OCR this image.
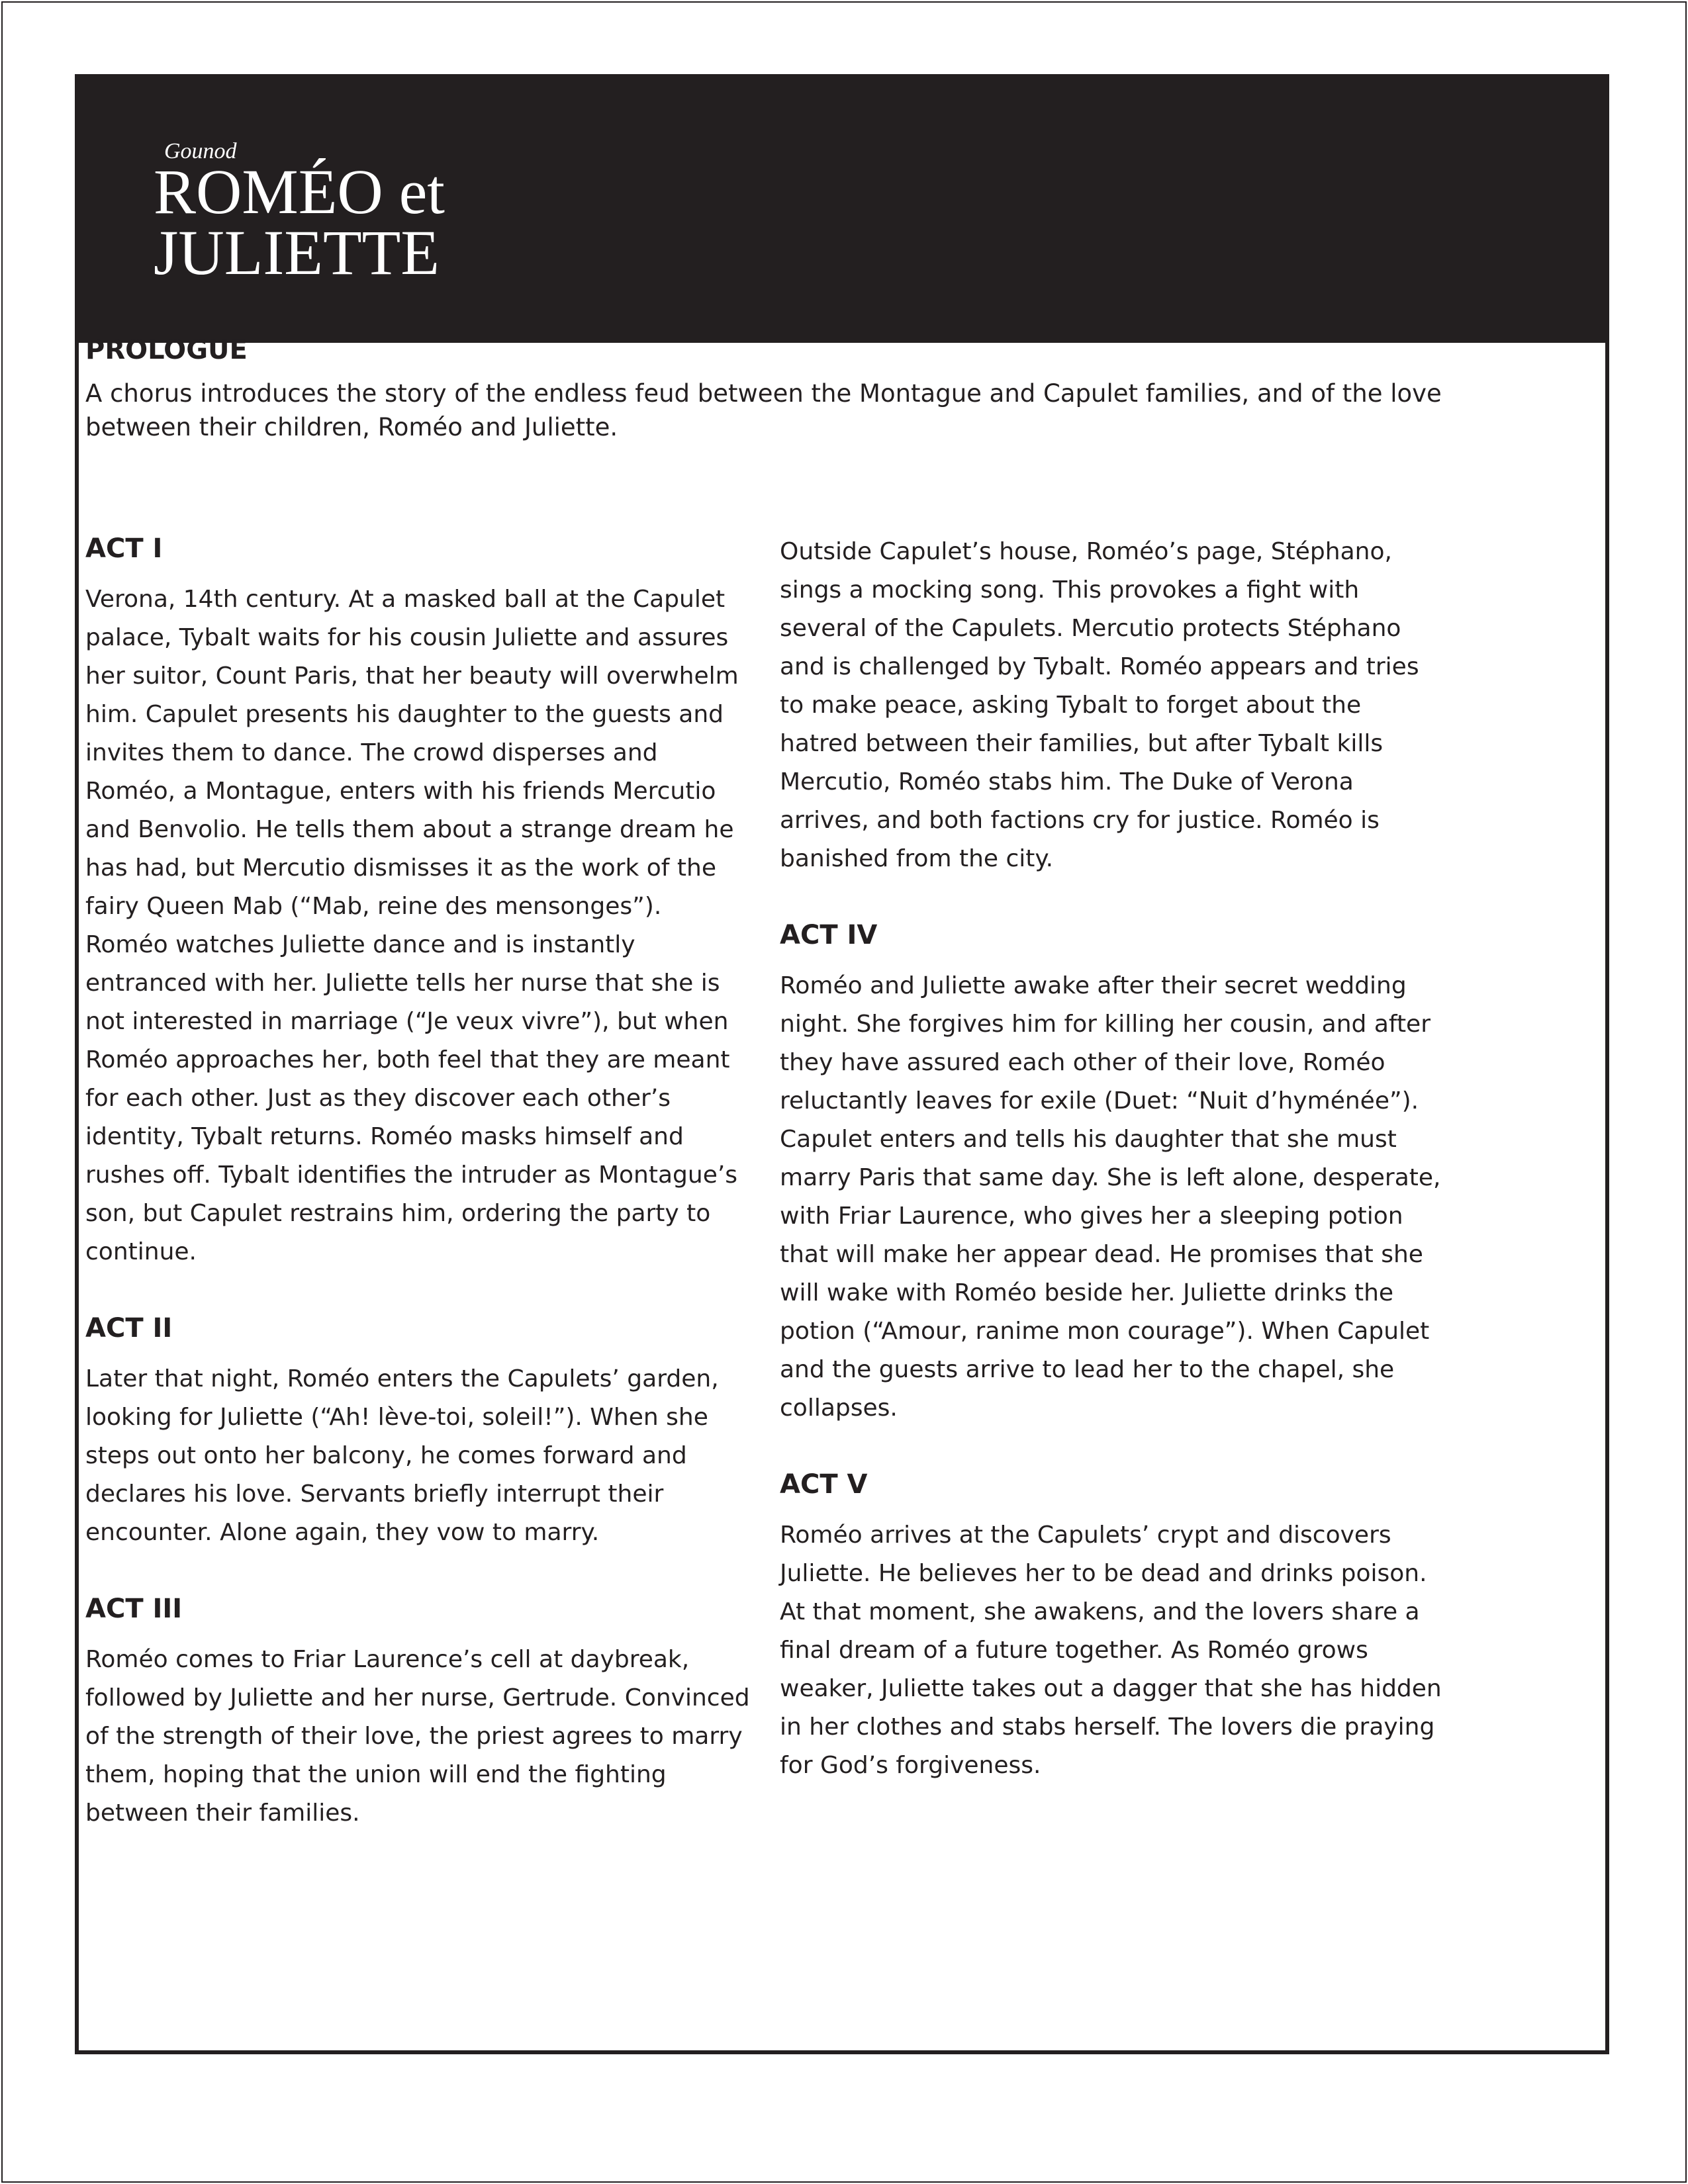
Gounod

ROMÉO et
JULIETTE
PROLOGUE

A chorus introduces the story of the endless feud between the Montague and Capulet families, and of the love between their children, Roméo and Juliette.

ACT I

Verona, 14th century. At a masked ball at the Capulet palace, Tybalt waits for his cousin Juliette and assures her suitor, Count Paris, that her beauty will overwhelm him. Capulet presents his daughter to the guests and invites them to dance. The crowd disperses and Roméo, a Montague, enters with his friends Mercutio and Benvolio. He tells them about a strange dream he has had, but Mercutio dismisses it as the work of the fairy Queen Mab (“Mab, reine des mensonges”). Roméo watches Juliette dance and is instantly entranced with her. Juliette tells her nurse that she is not interested in marriage (“Je veux vivre”), but when Roméo approaches her, both feel that they are meant for each other. Just as they discover each other’s identity, Tybalt returns. Roméo masks himself and rushes off. Tybalt identifies the intruder as Montague’s son, but Capulet restrains him, ordering the party to continue.

ACT II

Later that night, Roméo enters the Capulets’ garden, looking for Juliette (“Ah! lève-toi, soleil!”). When she steps out onto her balcony, he comes forward and declares his love. Servants briefly interrupt their encounter. Alone again, they vow to marry.

ACT III

Roméo comes to Friar Laurence’s cell at daybreak, followed by Juliette and her nurse, Gertrude. Convinced of the strength of their love, the priest agrees to marry them, hoping that the union will end the fighting between their families.

Outside Capulet’s house, Roméo’s page, Stéphano, sings a mocking song. This provokes a fight with several of the Capulets. Mercutio protects Stéphano and is challenged by Tybalt. Roméo appears and tries to make peace, asking Tybalt to forget about the hatred between their families, but after Tybalt kills Mercutio, Roméo stabs him. The Duke of Verona arrives, and both factions cry for justice. Roméo is banished from the city.

ACT IV

Roméo and Juliette awake after their secret wedding night. She forgives him for killing her cousin, and after they have assured each other of their love, Roméo reluctantly leaves for exile (Duet: “Nuit d’hyménée”). Capulet enters and tells his daughter that she must marry Paris that same day. She is left alone, desperate, with Friar Laurence, who gives her a sleeping potion that will make her appear dead. He promises that she will wake with Roméo beside her. Juliette drinks the potion (“Amour, ranime mon courage”). When Capulet and the guests arrive to lead her to the chapel, she collapses.

ACT V

Roméo arrives at the Capulets’ crypt and discovers Juliette. He believes her to be dead and drinks poison. At that moment, she awakens, and the lovers share a final dream of a future together. As Roméo grows weaker, Juliette takes out a dagger that she has hidden in her clothes and stabs herself. The lovers die praying for God’s forgiveness.
